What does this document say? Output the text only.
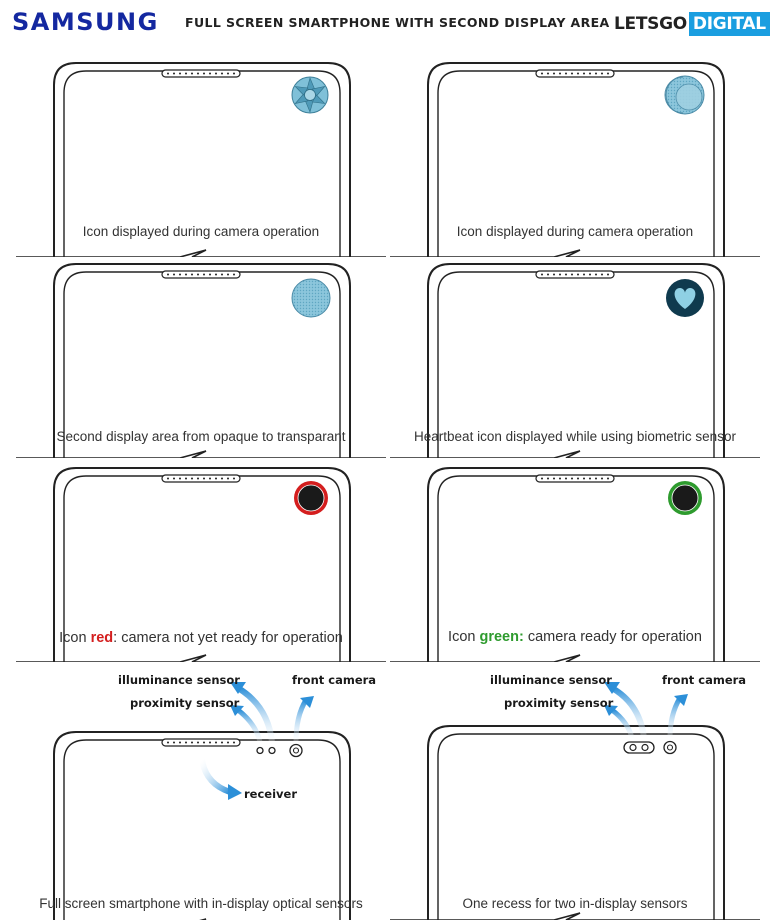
SAMSUNG FULL SCREEN SMARTPHONE WITH SECOND DISPLAY AREA LETSGO DIGITAL
Icon displayed during camera operation	Icon displayed during camera operation
Second display area from opaque to transparant	Heartbeat icon displayed while using biometric sensor
Icon red: camera not yet ready for operation	Icon green: camera ready for operation
illuminance sensor
proximity sensor
front camera
receiver
Full screen smartphone with in-display optical sensors
illuminance sensor
proximity sensor
front camera
One recess for two in-display sensors
